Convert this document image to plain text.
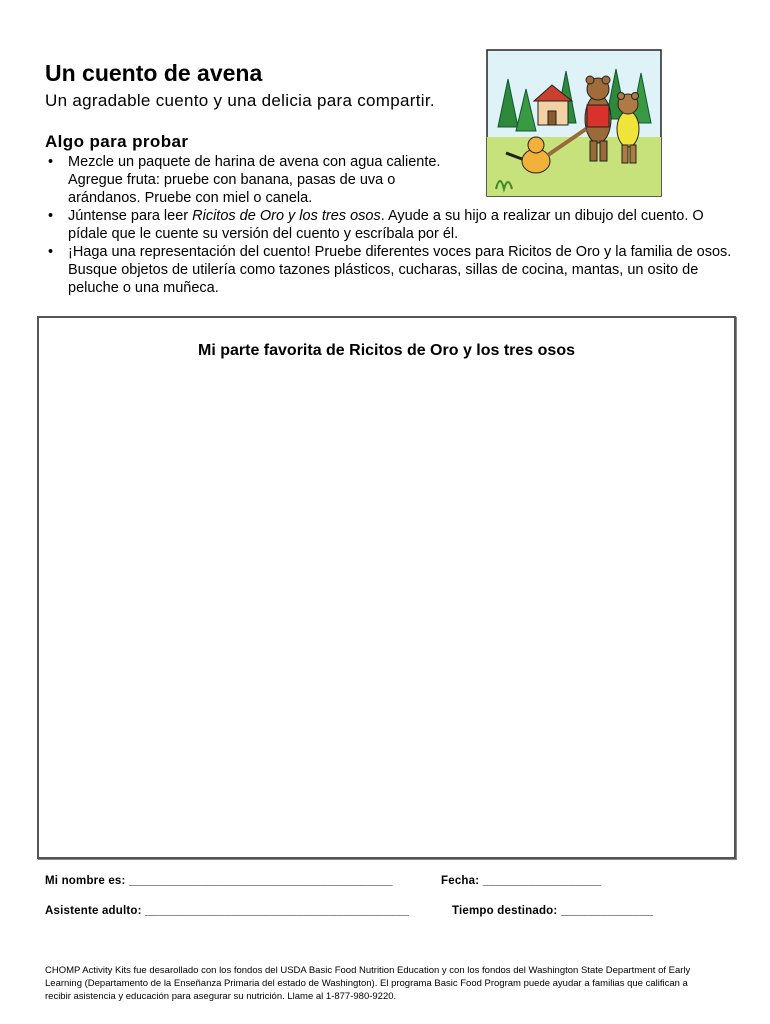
Un cuento de avena

Un agradable cuento y una delicia para compartir.

Algo para probar
• Mezcle un paquete de harina de avena con agua caliente. Agregue fruta: pruebe con banana, pasas de uva o arándanos. Pruebe con miel o canela.
• Júntense para leer Ricitos de Oro y los tres osos. Ayude a su hijo a realizar un dibujo del cuento. O pídale que le cuente su versión del cuento y escríbala por él.
• ¡Haga una representación del cuento! Pruebe diferentes voces para Ricitos de Oro y la familia de osos. Busque objetos de utilería como tazones plásticos, cucharas, sillas de cocina, mantas, un osito de peluche o una muñeca.

Mi parte favorita de Ricitos de Oro y los tres osos

Mi nombre es: ________________________________________	Fecha: __________________
Asistente adulto: ________________________________________	Tiempo destinado: ______________

CHOMP Activity Kits fue desarollado con los fondos del USDA Basic Food Nutrition Education y con los fondos del Washington State Department of Early Learning (Departamento de la Enseñanza Primaria del estado de Washington). El programa Basic Food Program puede ayudar a familias que califican a recibir asistencia y educación para asegurar su nutrición. Llame al 1-877-980-9220.
